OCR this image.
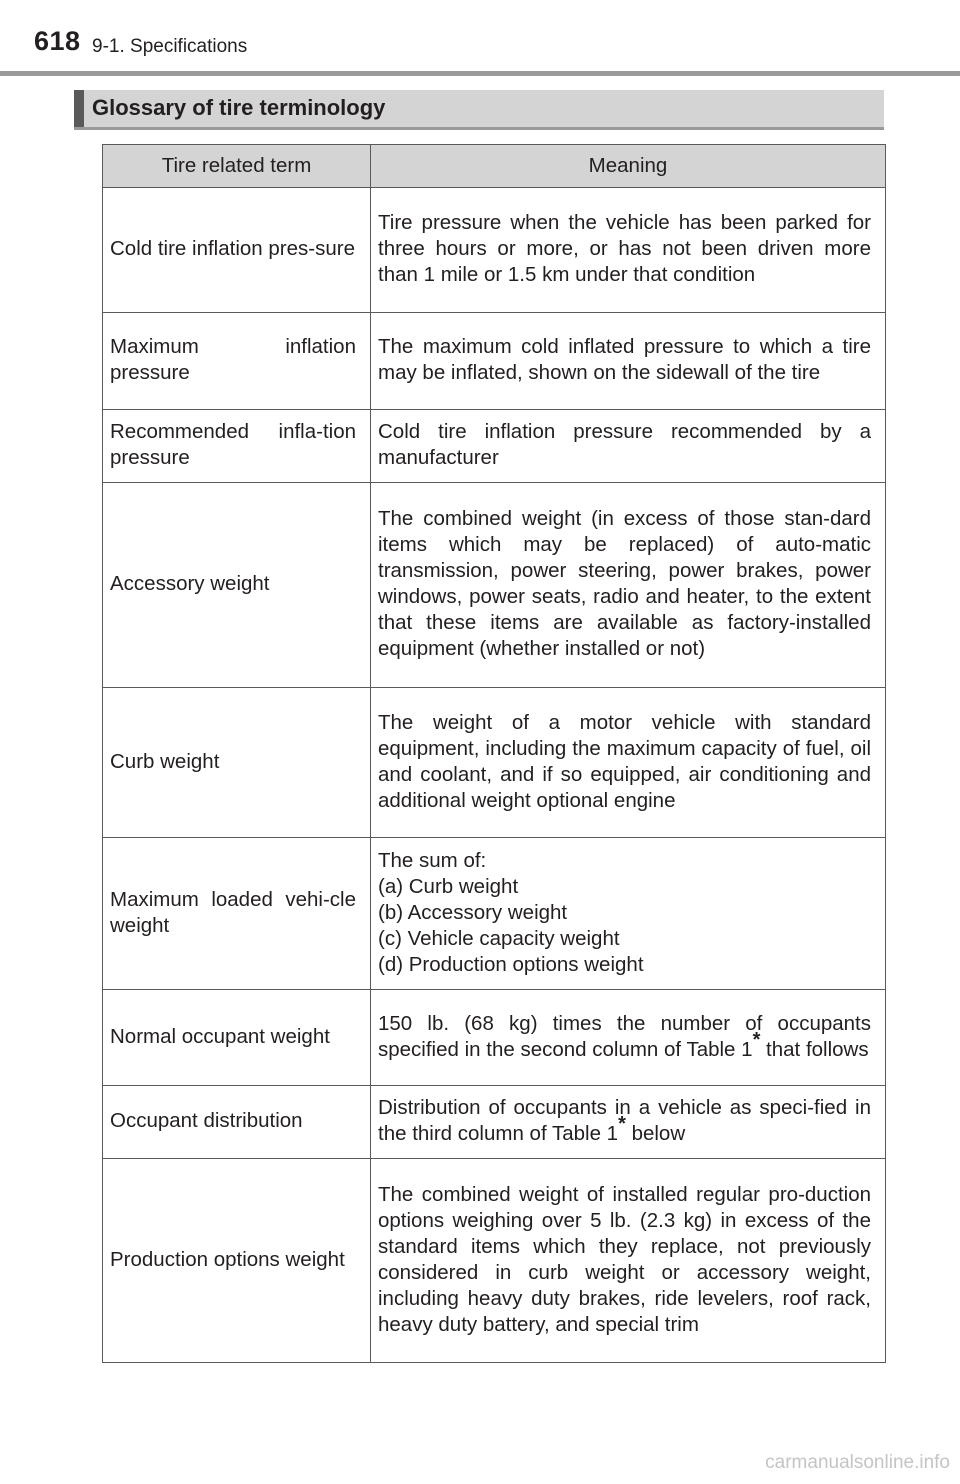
618 9-1. Specifications
Glossary of tire terminology
Tire related term	Meaning
Cold tire inflation pres-sure	Tire pressure when the vehicle has been parked for three hours or more, or has not been driven more than 1 mile or 1.5 km under that condition
Maximum inflation pressure	The maximum cold inflated pressure to which a tire may be inflated, shown on the sidewall of the tire
Recommended infla-tion pressure	Cold tire inflation pressure recommended by a manufacturer
Accessory weight	The combined weight (in excess of those stan-dard items which may be replaced) of auto-matic transmission, power steering, power brakes, power windows, power seats, radio and heater, to the extent that these items are available as factory-installed equipment (whether installed or not)
Curb weight	The weight of a motor vehicle with standard equipment, including the maximum capacity of fuel, oil and coolant, and if so equipped, air conditioning and additional weight optional engine
Maximum loaded vehi-cle weight	The sum of:
(a) Curb weight
(b) Accessory weight
(c) Vehicle capacity weight
(d) Production options weight

Normal occupant weight	150 lb. (68 kg) times the number of occupants specified in the second column of Table 1* that follows
Occupant distribution	Distribution of occupants in a vehicle as speci-fied in the third column of Table 1* below
Production options weight	The combined weight of installed regular pro-duction options weighing over 5 lb. (2.3 kg) in excess of the standard items which they replace, not previously considered in curb weight or accessory weight, including heavy duty brakes, ride levelers, roof rack, heavy duty battery, and special trim
carmanualsonline.info
